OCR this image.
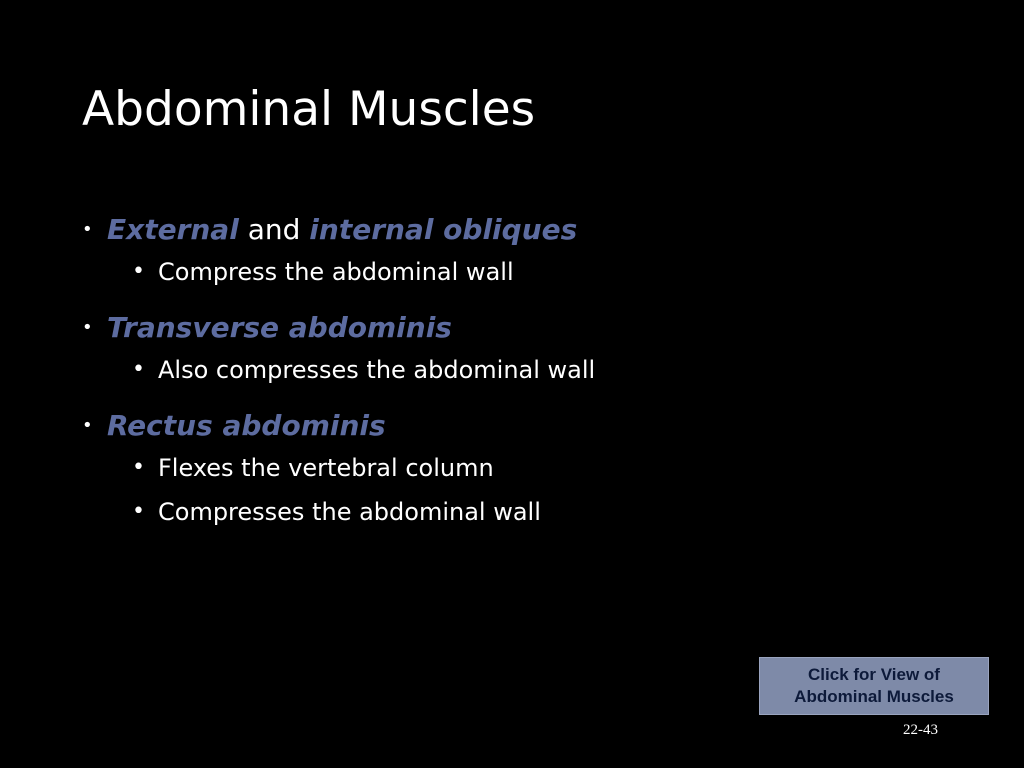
Abdominal Muscles
• External and internal obliques
• Compress the abdominal wall
• Transverse abdominis
• Also compresses the abdominal wall
• Rectus abdominis
• Flexes the vertebral column
• Compresses the abdominal wall
Click for View of
Abdominal Muscles
22-43
